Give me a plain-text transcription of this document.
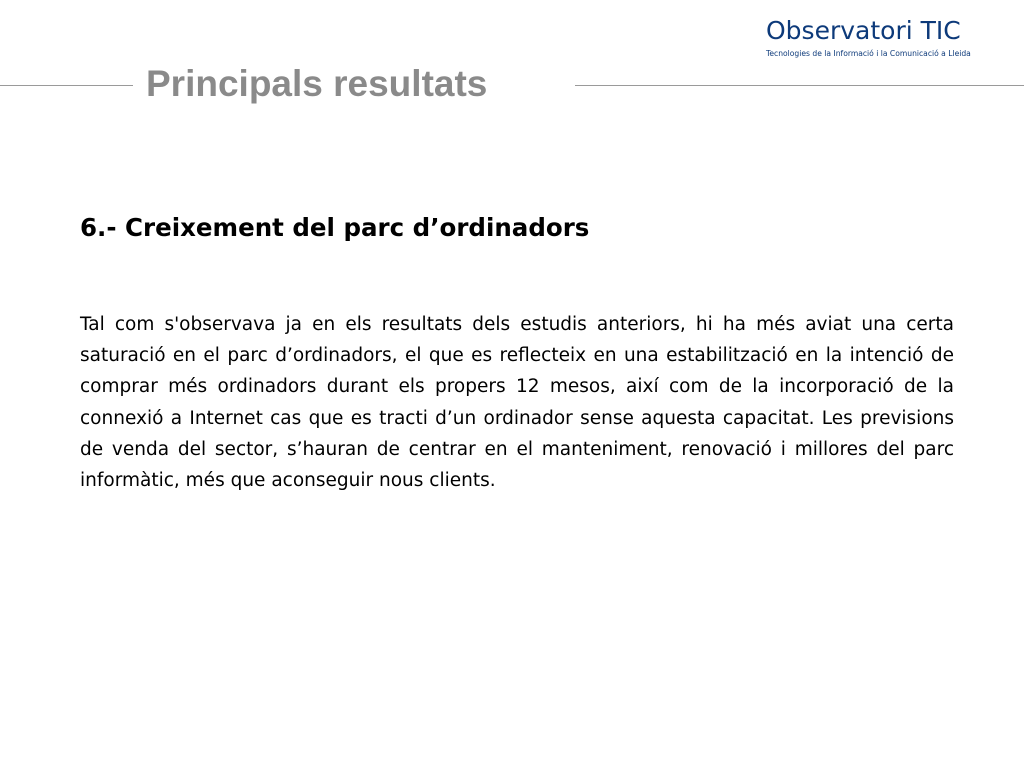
Principals resultats
Observatori TIC
Tecnologies de la Informació i la Comunicació a Lleida
6.- Creixement del parc d’ordinadors

Tal com s'observava ja en els resultats dels estudis anteriors, hi ha més aviat una certa saturació en el parc d’ordinadors, el que es reflecteix en una estabilització en la intenció de comprar més ordinadors durant els propers 12 mesos, així com de la incorporació de la connexió a Internet cas que es tracti d’un ordinador sense aquesta capacitat. Les previsions de venda del sector, s’hauran de centrar en el manteniment, renovació i millores del parc informàtic, més que aconseguir nous clients.
